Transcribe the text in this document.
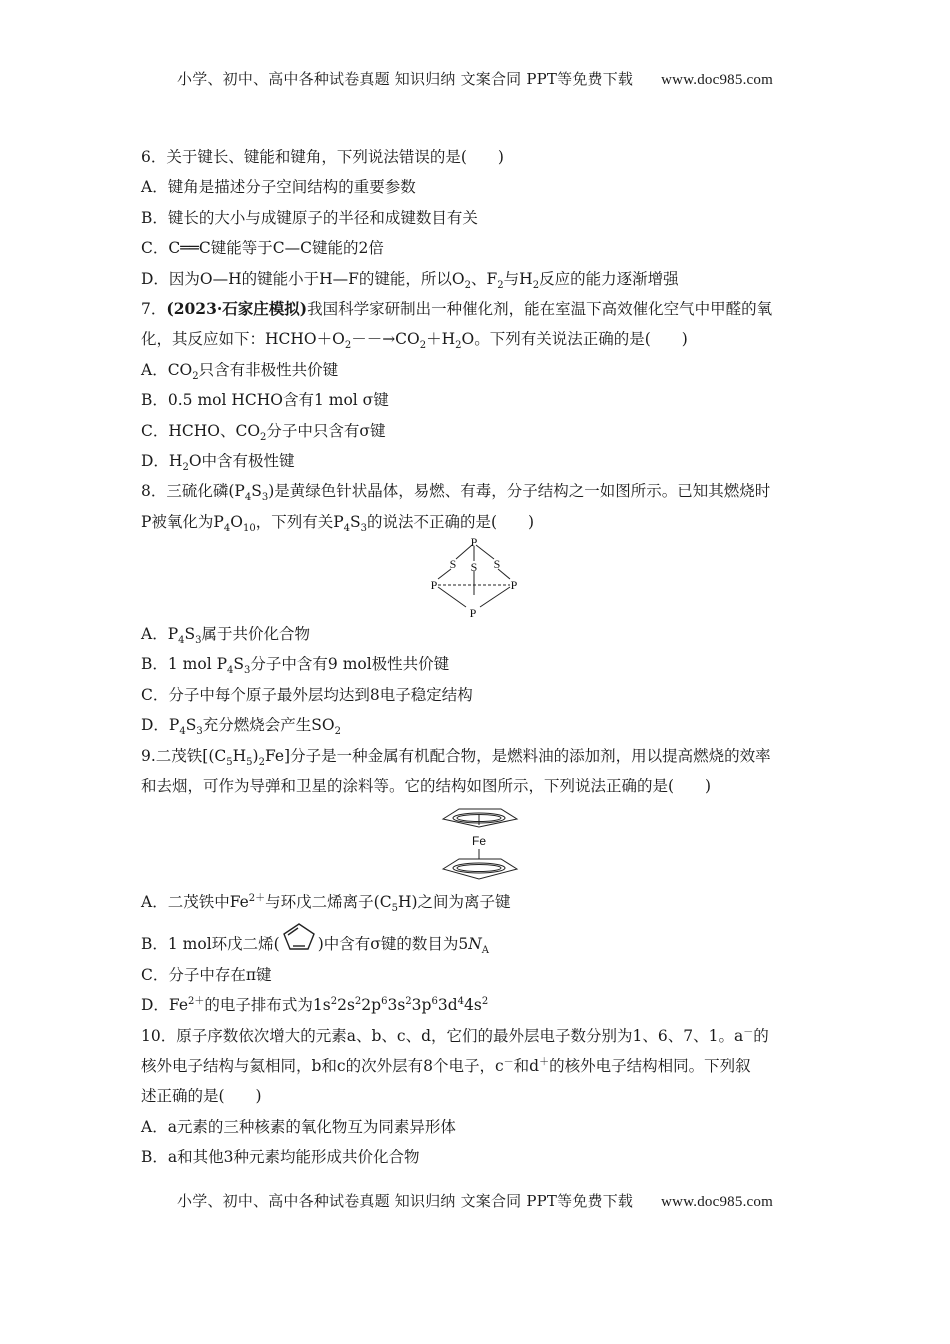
小学、初中、高中各种试卷真题 知识归纳 文案合同 PPT等免费下载 www.doc985.com
6．关于键长、键能和键角，下列说法错误的是(　　)
A．键角是描述分子空间结构的重要参数
B．键长的大小与成键原子的半径和成键数目有关
C．C══C键能等于C—C键能的2倍
D．因为O—H的键能小于H—F的键能，所以$O_2$、$F_2$与$H_2$反应的能力逐渐增强
7．(2023·石家庄模拟)我国科学家研制出一种催化剂，能在室温下高效催化空气中甲醛的氧
化，其反应如下：$HCHO+O_2--\to CO_2+H_2O$。下列有关说法正确的是(　　)
A．$CO_2$只含有非极性共价键
B．0.5 mol HCHO含有1 mol σ键
C．HCHO、$CO_2$分子中只含有σ键
D．$H_2O$中含有极性键
8．三硫化磷$(P_4S_3)$是黄绿色针状晶体，易燃、有毒，分子结构之一如图所示。已知其燃烧时
P被氧化为$P_4O_{10}$，下列有关$P_4S_3$的说法不正确的是(　　)
P
S S S
P	P
P
A．$P_4S_3$属于共价化合物
B．1 mol $P_4S_3$分子中含有9 mol极性共价键
C．分子中每个原子最外层均达到8电子稳定结构
D．$P_4S_3$充分燃烧会产生$SO_2$
9.二茂铁$[(C_5H_5)_2Fe]$分子是一种金属有机配合物，是燃料油的添加剂，用以提高燃烧的效率
和去烟，可作为导弹和卫星的涂料等。它的结构如图所示，下列说法正确的是(　　)
Fe
A．二茂铁中$Fe^{2+}$与环戊二烯离子$(C_5H)$之间为离子键
B．1 mol环戊二烯( )中含有σ键的数目为$5N_A$
C．分子中存在π键
D．$Fe^{2+}$的电子排布式为$1s^22s^22p^63s^23p^63d^44s^2$
10．原子序数依次增大的元素a、b、c、d，它们的最外层电子数分别为1、6、7、1。a－的
核外电子结构与氦相同，b和c的次外层有8个电子，c－和d＋的核外电子结构相同。下列叙
述正确的是(　　)
A．a元素的三种核素的氧化物互为同素异形体
B．a和其他3种元素均能形成共价化合物
小学、初中、高中各种试卷真题 知识归纳 文案合同 PPT等免费下载 www.doc985.com
